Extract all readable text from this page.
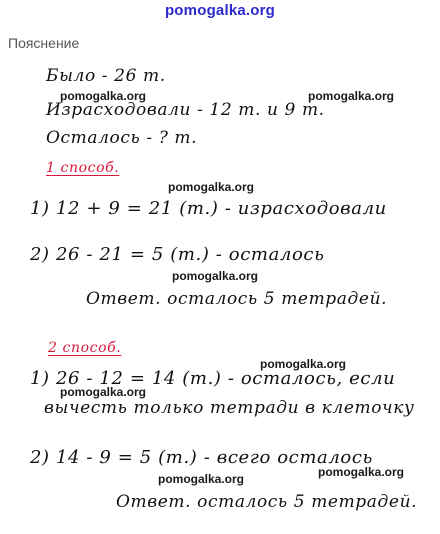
pomogalka.org
Пояснение
Было - 26 т.
Израсходовали - 12 т. и 9 т.
Осталось - ? т.
1 способ.
1) 12 + 9 = 21 (т.) - израсходовали
2) 26 - 21 = 5 (т.) - осталось
Ответ. осталось 5 тетрадей.
2 способ.
1) 26 - 12 = 14 (т.) - осталось, если
вычесть только тетради в клеточку
2) 14 - 9 = 5 (т.) - всего осталось
Ответ. осталось 5 тетрадей.
pomogalka.org	pomogalka.org
pomogalka.org
pomogalka.org
pomogalka.org
pomogalka.org
pomogalka.org
pomogalka.org
